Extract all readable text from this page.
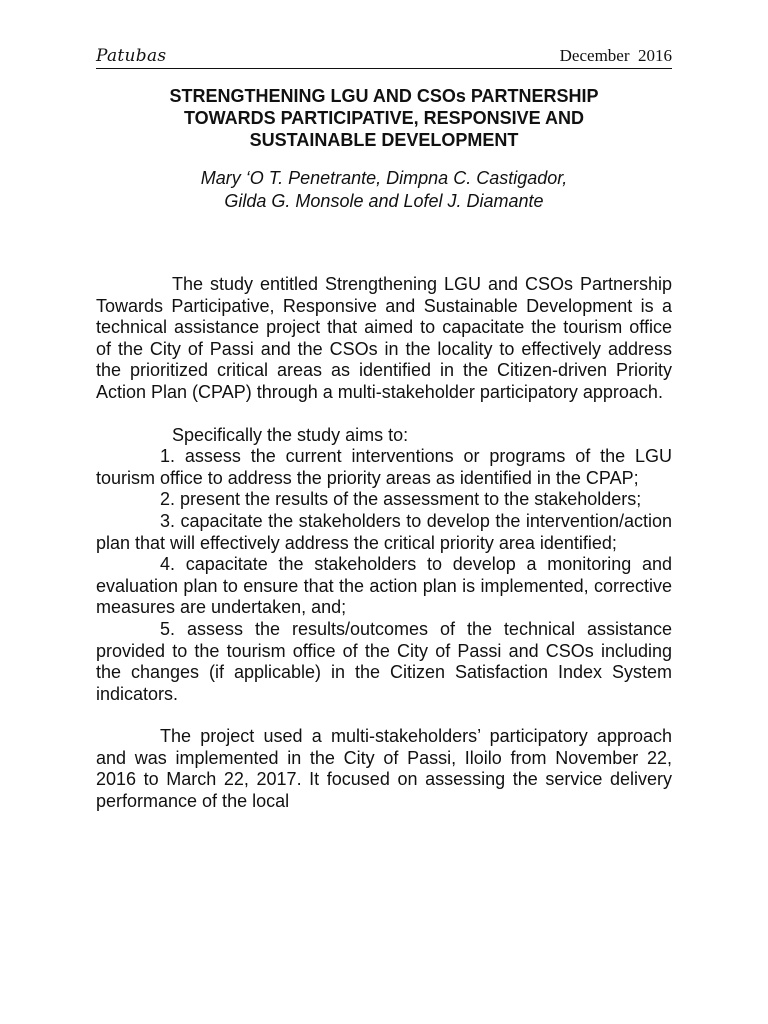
Patubas	December  2016
STRENGTHENING LGU AND CSOs PARTNERSHIP
TOWARDS PARTICIPATIVE, RESPONSIVE AND
SUSTAINABLE DEVELOPMENT
Mary ‘O T. Penetrante, Dimpna C. Castigador,
Gilda G. Monsole and Lofel J. Diamante

The study entitled Strengthening LGU and CSOs Partnership Towards Participative, Responsive and Sustainable Development is a technical assistance project that aimed to capacitate the tourism office of the City of Passi and the CSOs in the locality to effectively address the prioritized critical areas as identified in the Citizen-driven Priority Action Plan (CPAP) through a multi-stakeholder participatory approach.

Specifically the study aims to:

1. assess the current interventions or programs of the LGU tourism office to address the priority areas as identified in the CPAP;

2. present the results of the assessment to the stakeholders;

3. capacitate the stakeholders to develop the intervention/action plan that will effectively address the critical priority area identified;

4. capacitate the stakeholders to develop a monitoring and evaluation plan to ensure that the action plan is implemented, corrective measures are undertaken, and;

5. assess the results/outcomes of the technical assistance provided to the tourism office of the City of Passi and CSOs including the changes (if applicable) in the Citizen Satisfaction Index System indicators.

The project used a multi-stakeholders’ participatory approach and was implemented in the City of Passi, Iloilo from November 22, 2016 to March 22, 2017. It focused on assessing the service delivery performance of the local
